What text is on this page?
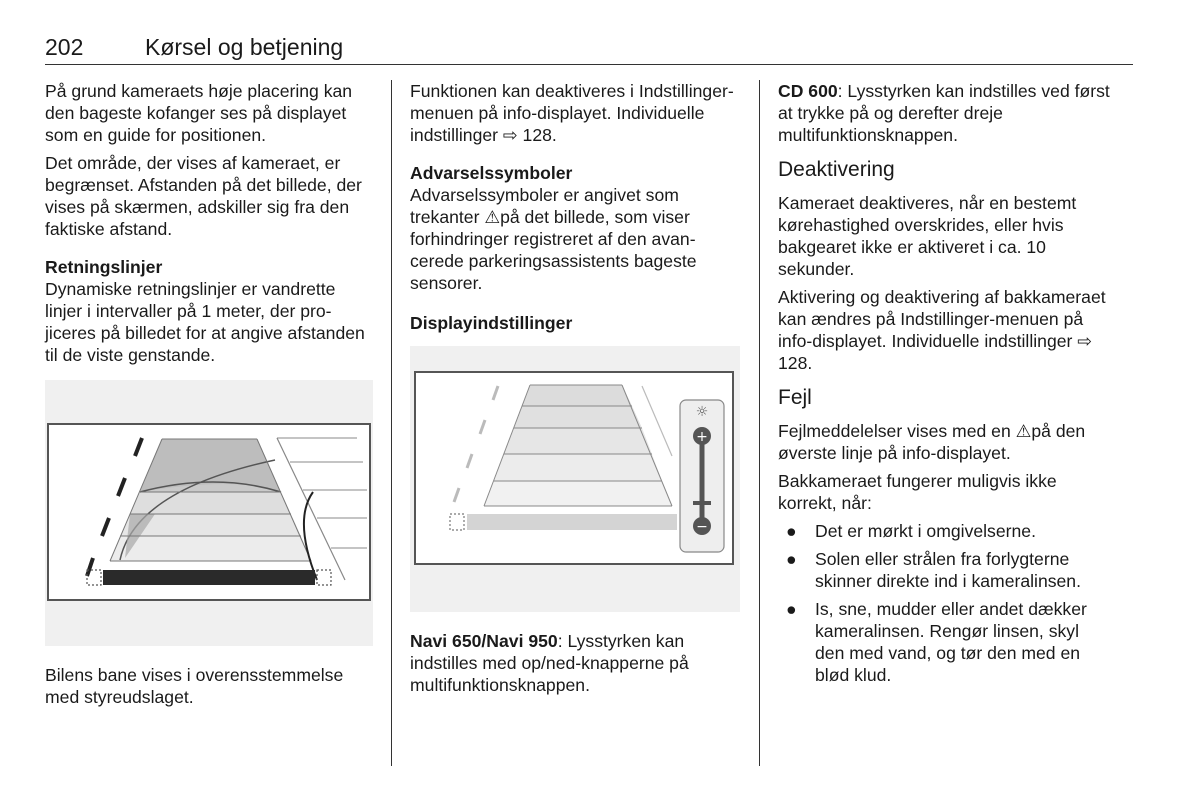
202	Kørsel og betjening

På grund kameraets høje placering kan den bageste kofanger ses på displayet som en guide for positionen.

Det område, der vises af kameraet, er begrænset. Afstanden på det billede, der vises på skærmen, adskiller sig fra den faktiske afstand.

Retningslinjer

Dynamiske retningslinjer er vandrette linjer i intervaller på 1 meter, der projiceres på billedet for at angive afstanden til de viste genstande.

Bilens bane vises i overensstemmelse med styreudslaget.

Funktionen kan deaktiveres i Indstillinger-menuen på info-displayet. Individuelle indstillinger ⇨ 128.

Advarselssymboler

Advarselssymboler er angivet som trekanter ⚠på det billede, som viser forhindringer registreret af den avancerede parkeringsassistents bageste sensorer.

Displayindstillinger

☼
+
−

Navi 650/Navi 950: Lysstyrken kan indstilles med op/ned-knapperne på multifunktionsknappen.

CD 600: Lysstyrken kan indstilles ved først at trykke på og derefter dreje multifunktionsknappen.

Deaktivering

Kameraet deaktiveres, når en bestemt kørehastighed overskrides, eller hvis bakgearet ikke er aktiveret i ca. 10 sekunder.

Aktivering og deaktivering af bakkameraet kan ændres på Indstillinger-menuen på info-displayet. Individuelle indstillinger ⇨ 128.

Fejl

Fejlmeddelelser vises med en ⚠på den øverste linje på info-displayet.

Bakkameraet fungerer muligvis ikke korrekt, når:

● Det er mørkt i omgivelserne.
● Solen eller strålen fra forlygterne skinner direkte ind i kameralinsen.
● Is, sne, mudder eller andet dækker kameralinsen. Rengør linsen, skyl den med vand, og tør den med en blød klud.
